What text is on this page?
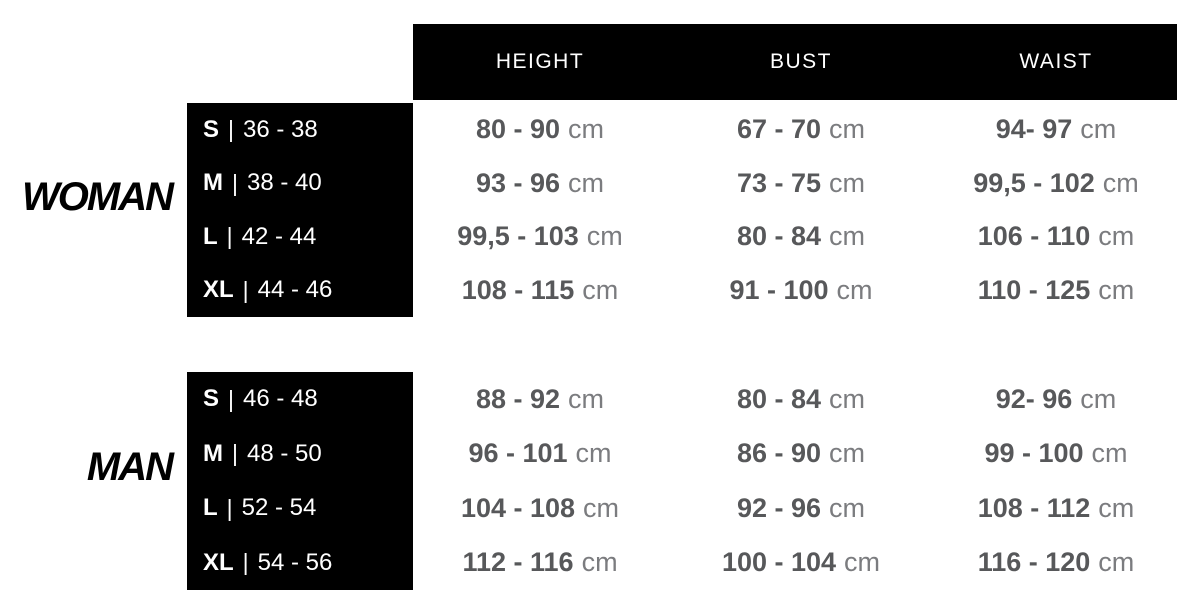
WOMAN
MAN
HEIGHT	BUST	WAIST
S | 36 - 38	80 - 90 cm	67 - 70 cm	94- 97 cm
M | 38 - 40	93 - 96 cm	73 - 75 cm	99,5 - 102 cm
L | 42 - 44	99,5 - 103 cm	80 - 84 cm	106 - 110 cm
XL | 44 - 46	108 - 115 cm	91 - 100 cm	110 - 125 cm
S | 46 - 48	88 - 92 cm	80 - 84 cm	92- 96 cm
M | 48 - 50	96 - 101 cm	86 - 90 cm	99 - 100 cm
L | 52 - 54	104 - 108 cm	92 - 96 cm	108 - 112 cm
XL | 54 - 56	112 - 116 cm	100 - 104 cm	116 - 120 cm
